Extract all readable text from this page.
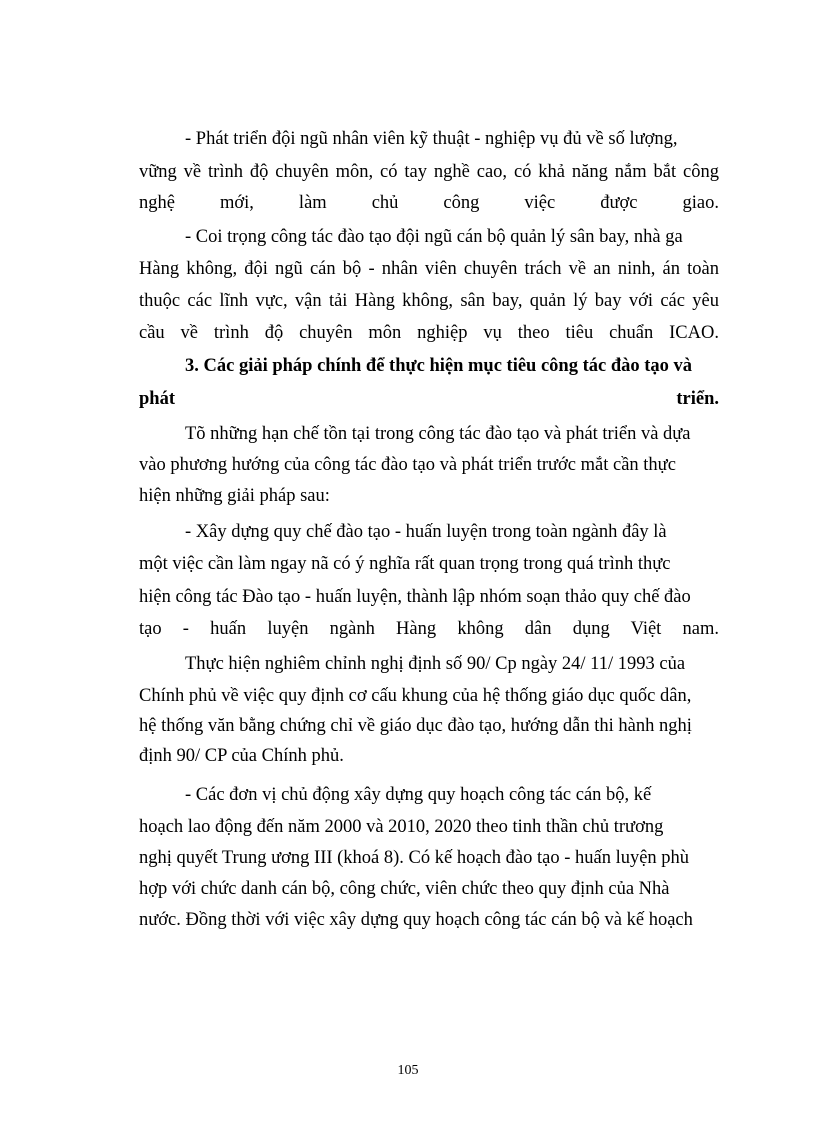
- Phát triển đội ngũ nhân viên kỹ thuật - nghiệp vụ đủ về số lượng,
vững về trình độ chuyên môn, có tay nghề cao, có khả năng nắm bắt công
nghệ mới, làm chủ công việc được giao.
- Coi trọng công tác đào tạo đội ngũ cán bộ quản lý sân bay, nhà ga
Hàng không, đội ngũ cán bộ - nhân viên chuyên trách về an ninh, án toàn
thuộc các lĩnh vực, vận tải Hàng không, sân bay, quản lý bay với các yêu
cầu về trình độ chuyên môn nghiệp vụ theo tiêu chuẩn ICAO.
3. Các giải pháp chính để thực hiện mục tiêu công tác đào tạo và
phát triển.
Tõ những hạn chế tồn tại trong công tác đào tạo và phát triển và dựa
vào phương hướng của công tác đào tạo và phát triển trước mắt cần thực
hiện những giải pháp sau:
- Xây dựng quy chế đào tạo - huấn luyện trong toàn ngành đây là
một việc cần làm ngay nã có ý nghĩa rất quan trọng trong quá trình thực
hiện công tác Đào tạo - huấn luyện, thành lập nhóm soạn thảo quy chế đào
tạo - huấn luyện ngành Hàng không dân dụng Việt nam.
Thực hiện nghiêm chỉnh nghị định số 90/ Cp ngày 24/ 11/ 1993 của
Chính phủ về việc quy định cơ cấu khung của hệ thống giáo dục quốc dân,
hệ thống văn bằng chứng chỉ về giáo dục đào tạo, hướng dẫn thi hành nghị
định 90/ CP của Chính phủ.
- Các đơn vị chủ động xây dựng quy hoạch công tác cán bộ, kế
hoạch lao động đến năm 2000 và 2010, 2020 theo tinh thần chủ trương
nghị quyết Trung ương III (khoá 8). Có kế hoạch đào tạo - huấn luyện phù
hợp với chức danh cán bộ, công chức, viên chức theo quy định của Nhà
nước. Đồng thời với việc xây dựng quy hoạch công tác cán bộ và kế hoạch
105
